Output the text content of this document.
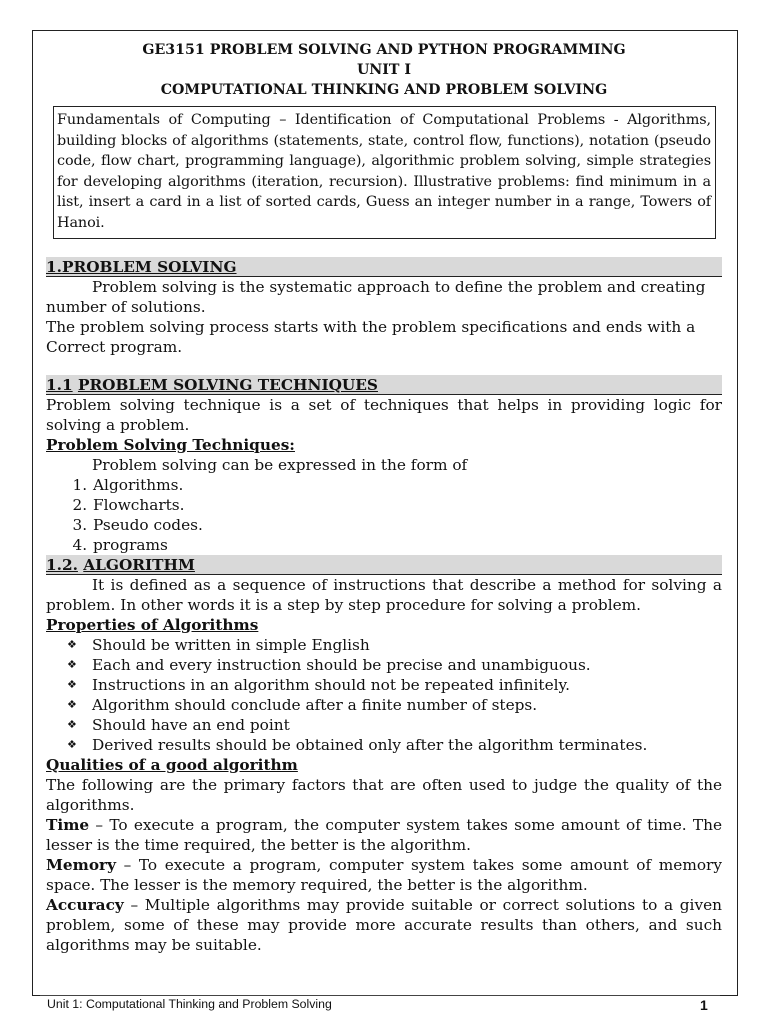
GE3151 PROBLEM SOLVING AND PYTHON PROGRAMMING
UNIT I
COMPUTATIONAL THINKING AND PROBLEM SOLVING
Fundamentals of Computing – Identification of Computational Problems - Algorithms, building blocks of algorithms (statements, state, control flow, functions), notation (pseudo code, flow chart, programming language), algorithmic problem solving, simple strategies for developing algorithms (iteration, recursion). Illustrative problems: find minimum in a list, insert a card in a list of sorted cards, Guess an integer number in a range, Towers of Hanoi.
1.PROBLEM SOLVING

Problem solving is the systematic approach to define the problem and creating number of solutions.

The problem solving process starts with the problem specifications and ends with a Correct program.

1.1 PROBLEM SOLVING TECHNIQUES

Problem solving technique is a set of techniques that helps in providing logic for solving a problem.

Problem Solving Techniques:

Problem solving can be expressed in the form of

1. Algorithms.
2. Flowcharts.
3. Pseudo codes.
4. programs
1.2. ALGORITHM

It is defined as a sequence of instructions that describe a method for solving a problem. In other words it is a step by step procedure for solving a problem.

Properties of Algorithms

❖ Should be written in simple English
❖ Each and every instruction should be precise and unambiguous.
❖ Instructions in an algorithm should not be repeated infinitely.
❖ Algorithm should conclude after a finite number of steps.
❖ Should have an end point
❖ Derived results should be obtained only after the algorithm terminates.

Qualities of a good algorithm

The following are the primary factors that are often used to judge the quality of the algorithms.

Time – To execute a program, the computer system takes some amount of time. The lesser is the time required, the better is the algorithm.

Memory – To execute a program, computer system takes some amount of memory space. The lesser is the memory required, the better is the algorithm.

Accuracy – Multiple algorithms may provide suitable or correct solutions to a given problem, some of these may provide more accurate results than others, and such algorithms may be suitable.

Unit 1: Computational Thinking and Problem Solving	1
